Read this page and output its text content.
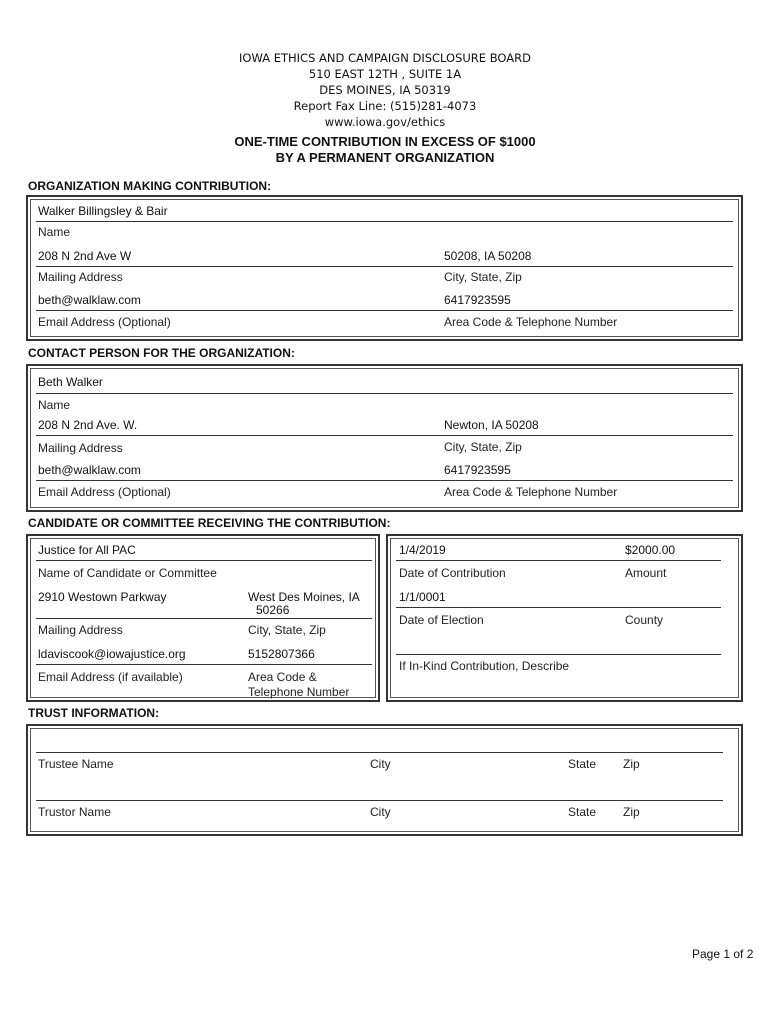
IOWA ETHICS AND CAMPAIGN DISCLOSURE BOARD
510 EAST 12TH , SUITE 1A
DES MOINES, IA 50319
Report Fax Line: (515)281-4073
www.iowa.gov/ethics
ONE-TIME CONTRIBUTION IN EXCESS OF $1000
BY A PERMANENT ORGANIZATION
ORGANIZATION MAKING CONTRIBUTION:
Walker Billingsley & Bair
Name
208 N 2nd Ave W	50208, IA 50208
Mailing Address	City, State, Zip
beth@walklaw.com	6417923595
Email Address (Optional)	Area Code & Telephone Number
CONTACT PERSON FOR THE ORGANIZATION:
Beth Walker
Name
208 N 2nd Ave. W.	Newton, IA 50208
Mailing Address	City, State, Zip
beth@walklaw.com	6417923595
Email Address (Optional)	Area Code & Telephone Number
CANDIDATE OR COMMITTEE RECEIVING THE CONTRIBUTION:
Justice for All PAC
Name of Candidate or Committee
2910 Westown Parkway	West Des Moines, IA
50266
Mailing Address	City, State, Zip
ldaviscook@iowajustice.org	5152807366
Email Address (if available)	Area Code &
Telephone Number
1/4/2019	$2000.00
Date of Contribution	Amount
1/1/0001
Date of Election	County
If In-Kind Contribution, Describe
TRUST INFORMATION:
Trustee Name	City	State Zip
Trustor Name	City	State Zip
Page 1 of 2
